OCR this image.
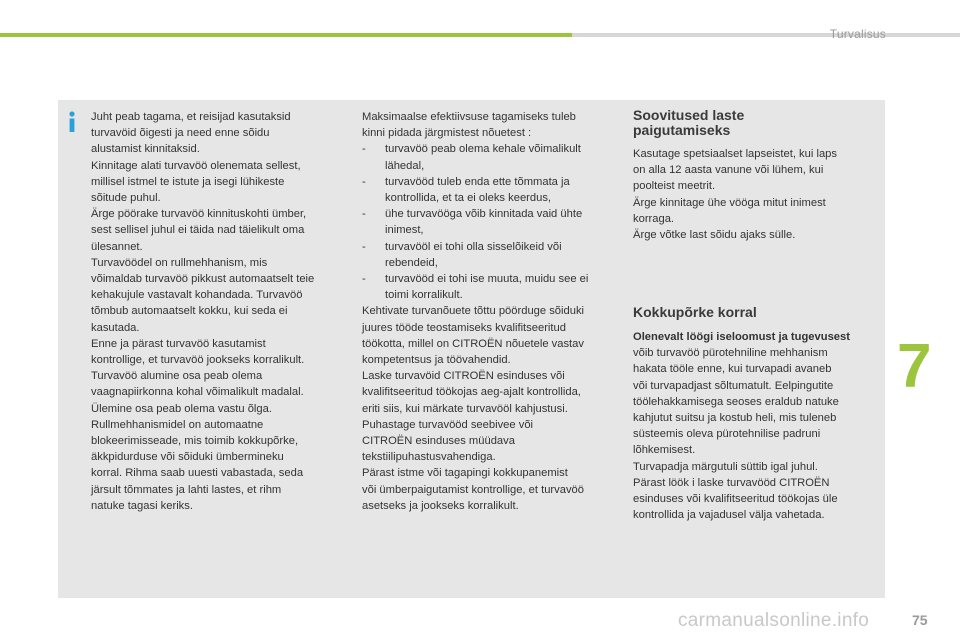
Turvalisus

Juht peab tagama, et reisijad kasutaksid

turvavöid õigesti ja need enne sõidu

alustamist kinnitaksid.

Kinnitage alati turvavöö olenemata sellest,

millisel istmel te istute ja isegi lühikeste

sõitude puhul.

Ärge pöörake turvavöö kinnituskohti ümber,

sest sellisel juhul ei täida nad täielikult oma

ülesannet.

Turvavöödel on rullmehhanism, mis

võimaldab turvavöö pikkust automaatselt teie

kehakujule vastavalt kohandada. Turvavöö

tõmbub automaatselt kokku, kui seda ei

kasutada.

Enne ja pärast turvavöö kasutamist

kontrollige, et turvavöö jookseks korralikult.

Turvavöö alumine osa peab olema

vaagnapiirkonna kohal võimalikult madalal.

Ülemine osa peab olema vastu õlga.

Rullmehhanismidel on automaatne

blokeerimisseade, mis toimib kokkupõrke,

äkkpidurduse või sõiduki ümbermineku

korral. Rihma saab uuesti vabastada, seda

järsult tõmmates ja lahti lastes, et rihm

natuke tagasi keriks.

Maksimaalse efektiivsuse tagamiseks tuleb

kinni pidada järgmistest nõuetest :

- turvavöö peab olema kehale võimalikult
lähedal,
- turvavööd tuleb enda ette tõmmata ja
kontrollida, et ta ei oleks keerdus,
- ühe turvavööga võib kinnitada vaid ühte
inimest,
- turvavööl ei tohi olla sisselõikeid või
rebendeid,
- turvavööd ei tohi ise muuta, muidu see ei
toimi korralikult.

Kehtivate turvanõuete tõttu pöörduge sõiduki

juures tööde teostamiseks kvalifitseeritud

töökotta, millel on CITROËN nõuetele vastav

kompetentsus ja töövahendid.

Laske turvavöid CITROËN esinduses või

kvalifitseeritud töökojas aeg-ajalt kontrollida,

eriti siis, kui märkate turvavööl kahjustusi.

Puhastage turvavööd seebivee või

CITROËN esinduses müüdava

tekstiilipuhastusvahendiga.

Pärast istme või tagapingi kokkupanemist

või ümberpaigutamist kontrollige, et turvavöö

asetseks ja jookseks korralikult.

Soovitused laste
paigutamiseks

Kasutage spetsiaalset lapseistet, kui laps

on alla 12 aasta vanune või lühem, kui

poolteist meetrit.

Ärge kinnitage ühe vööga mitut inimest

korraga.

Ärge võtke last sõidu ajaks sülle.

Kokkupõrke korral

Olenevalt löögi iseloomust ja tugevusest

võib turvavöö pürotehniline mehhanism

hakata tööle enne, kui turvapadi avaneb

või turvapadjast sõltumatult. Eelpingutite

töölehakkamisega seoses eraldub natuke

kahjutut suitsu ja kostub heli, mis tuleneb

süsteemis oleva pürotehnilise padruni

lõhkemisest.

Turvapadja märgutuli süttib igal juhul.

Pärast löök i laske turvavööd CITROËN

esinduses või kvalifitseeritud töökojas üle

kontrollida ja vajadusel välja vahetada.

7
carmanualsonline.info	75
